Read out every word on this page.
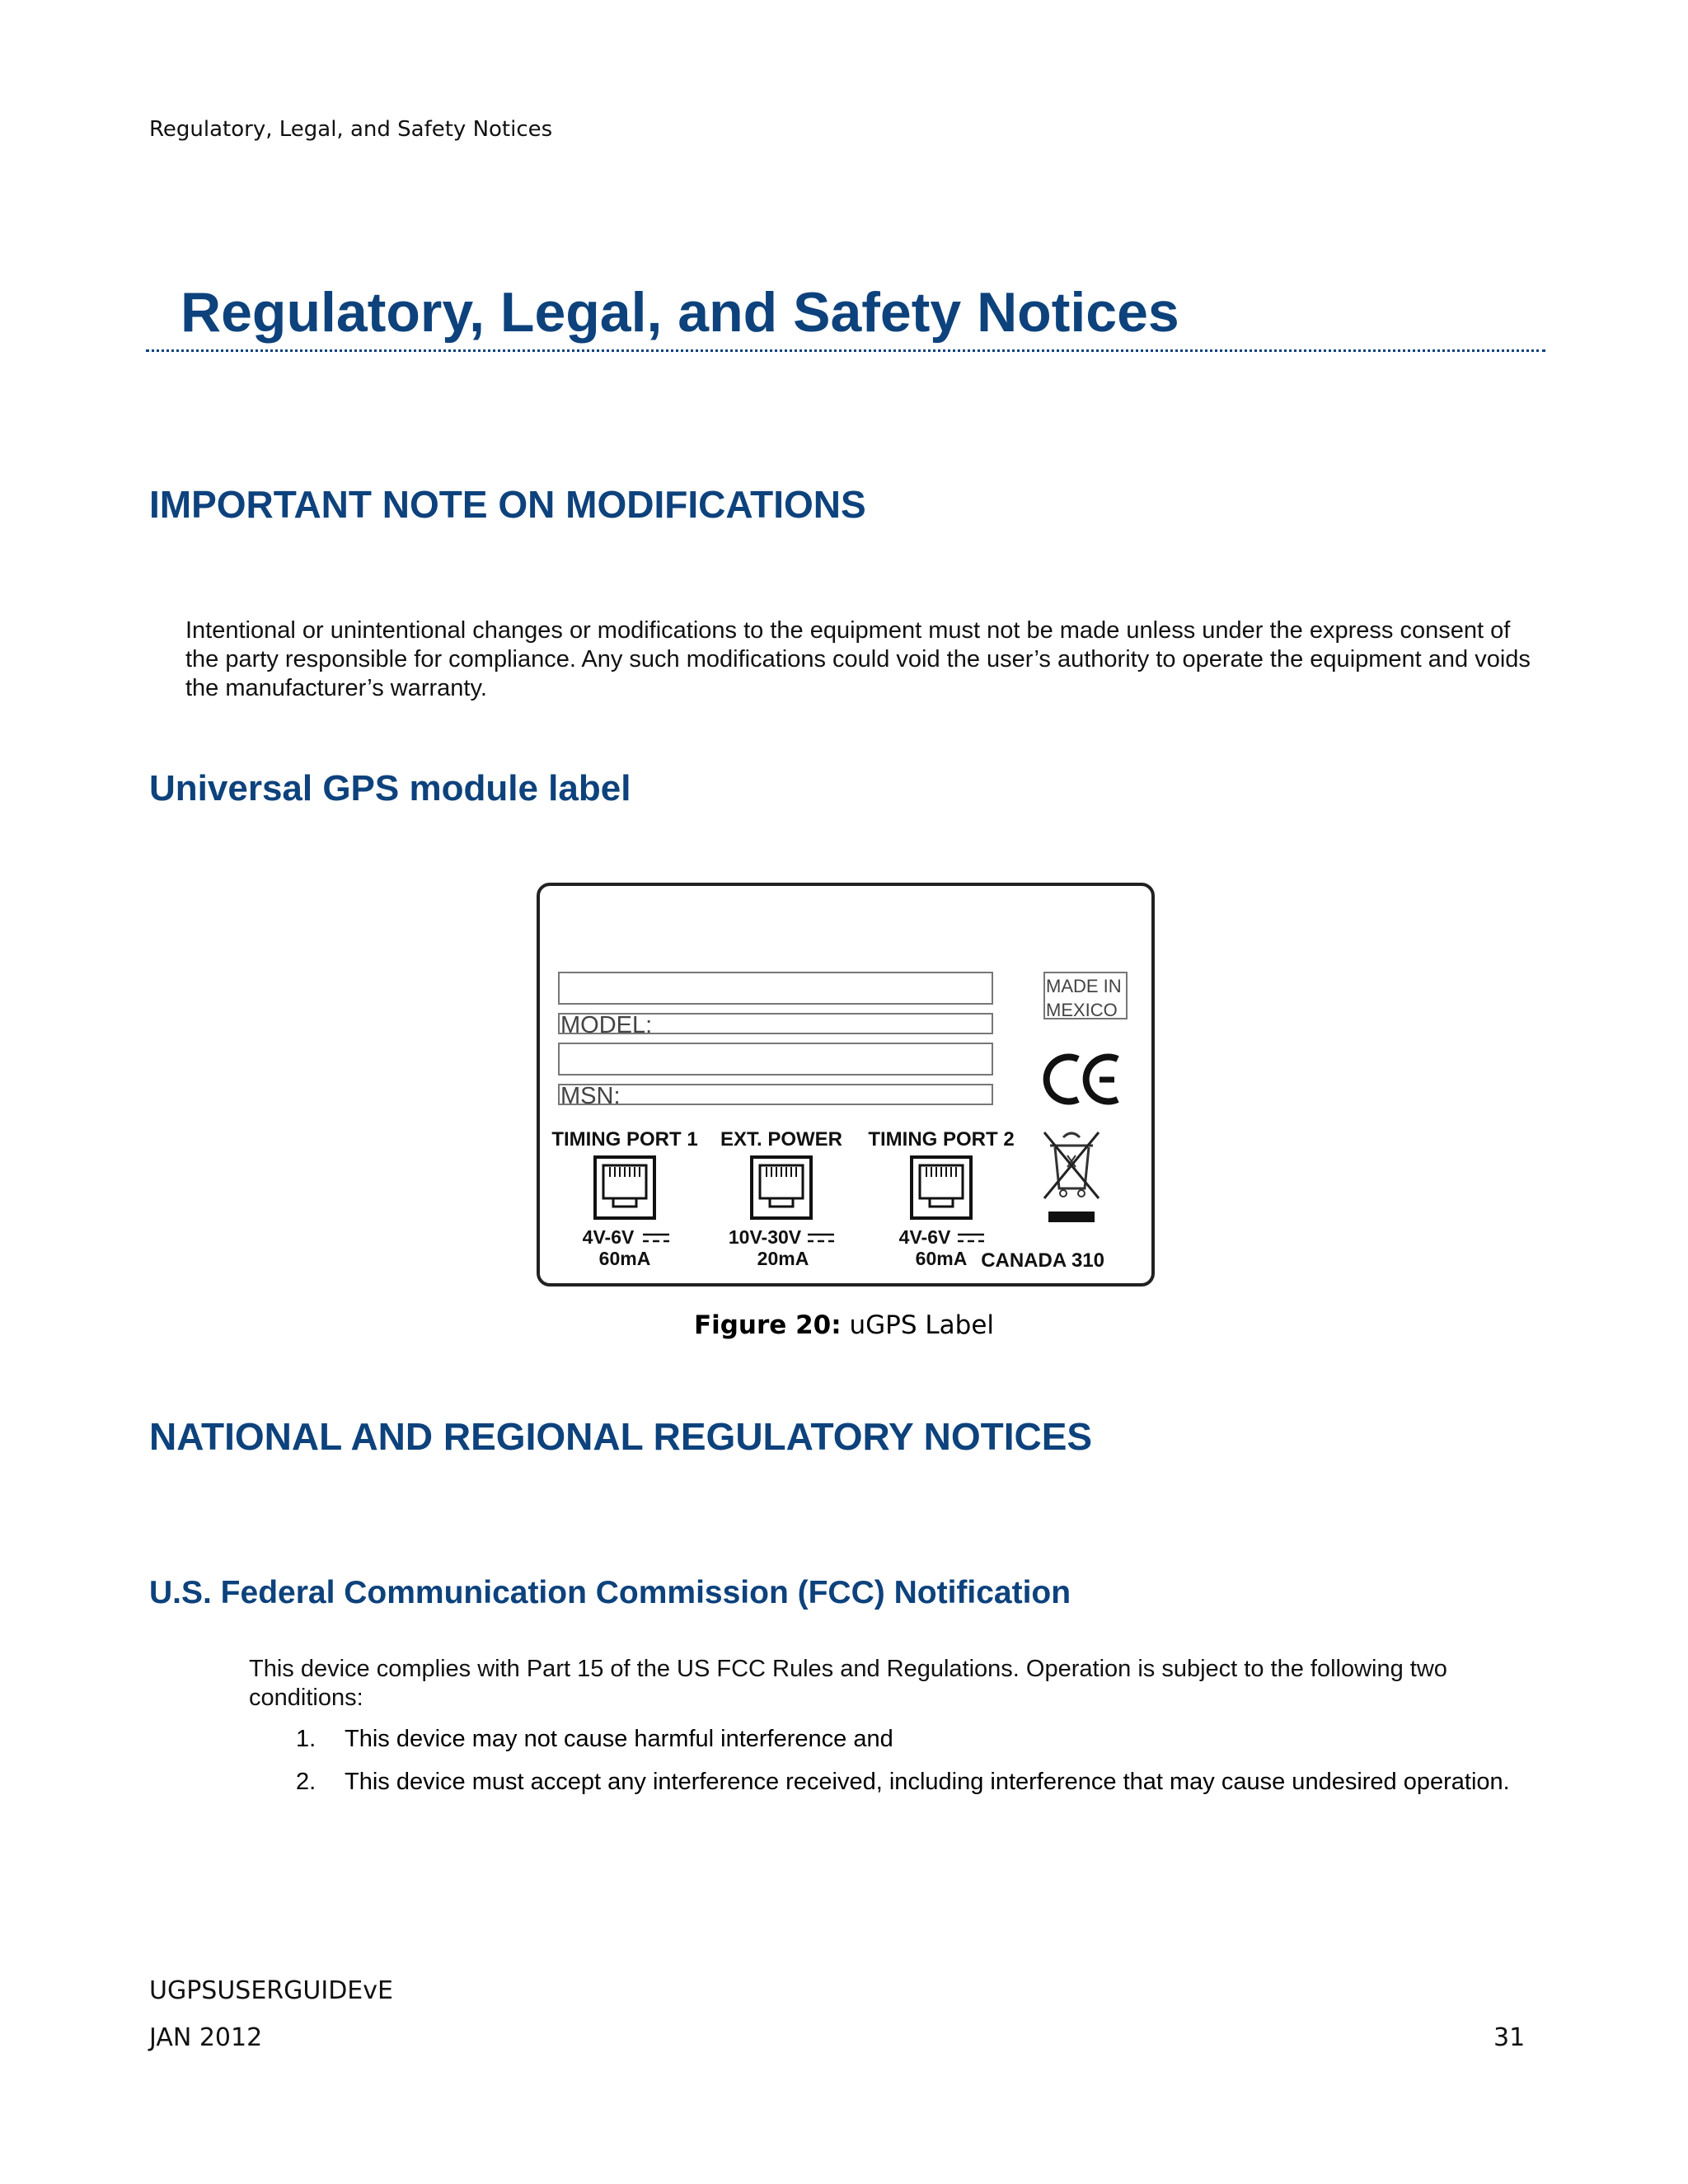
Regulatory, Legal, and Safety Notices
Regulatory, Legal, and Safety Notices
IMPORTANT NOTE ON MODIFICATIONS
Intentional or unintentional changes or modifications to the equipment must not be made unless under the express consent of the party responsible for compliance. Any such modifications could void the user’s authority to operate the equipment and voids the manufacturer’s warranty.
Universal GPS module label
MODEL:
MSN:
MADE IN
MEXICO
CANADA 310
TIMING PORT 1 EXT. POWER TIMING PORT 2
4V-6V
60mA
10V-30V
20mA
4V-6V
60mA
Figure 20: uGPS Label
NATIONAL AND REGIONAL REGULATORY NOTICES
U.S. Federal Communication Commission (FCC) Notification
This device complies with Part 15 of the US FCC Rules and Regulations. Operation is subject to the following two conditions:
1. This device may not cause harmful interference and
2. This device must accept any interference received, including interference that may cause undesired operation.
UGPSUSERGUIDEvE
JAN 2012	31
